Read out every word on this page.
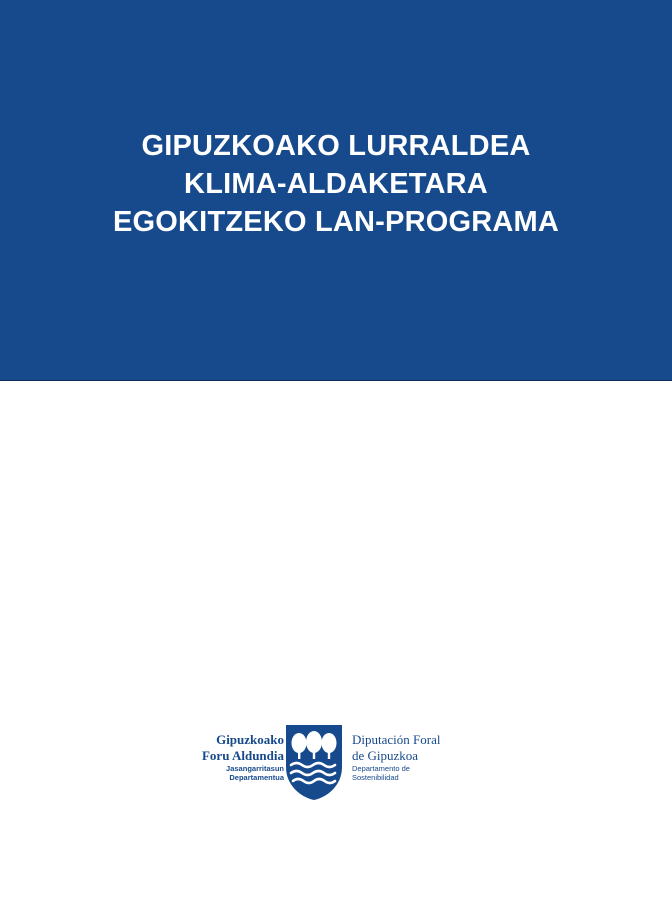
GIPUZKOAKO LURRALDEA
KLIMA-ALDAKETARA
EGOKITZEKO LAN-PROGRAMA
Gipuzkoako
Foru Aldundia
Jasangarritasun
Departamentua
Diputación Foral
de Gipuzkoa
Departamento de
Sostenibilidad
